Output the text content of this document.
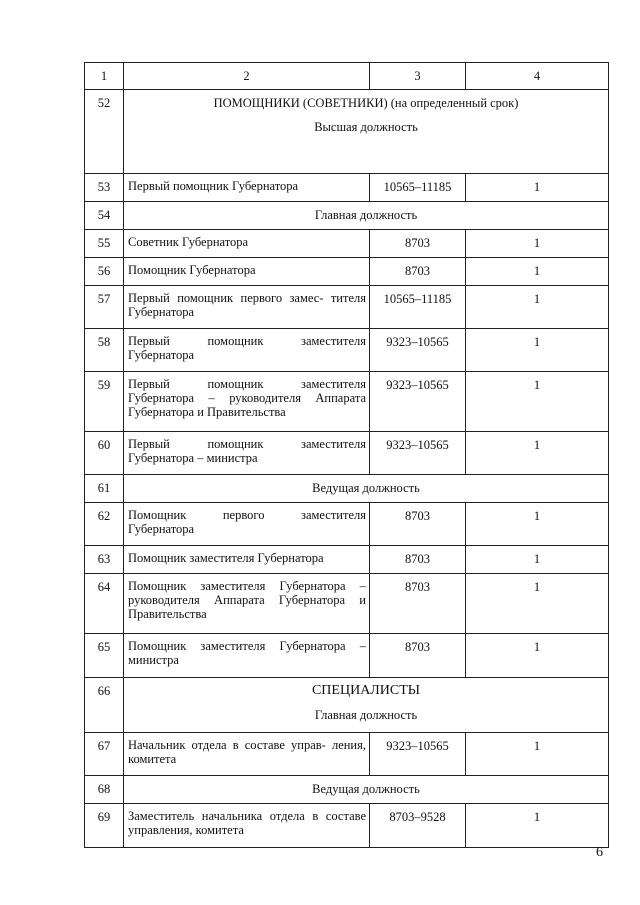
1	2	3	4
52	ПОМОЩНИКИ (СОВЕТНИКИ) (на определенный срок)
Высшая должность		

53	Первый помощник Губернатора	10565–11185	1
54	Главная должность		

55	Советник Губернатора	8703	1
56	Помощник Губернатора	8703	1
57	Первый помощник первого замес- тителя Губернатора	10565–11185	1
58	Первый помощник заместителя Губернатора	9323–10565	1
59	Первый помощник заместителя Губернатора – руководителя Аппарата Губернатора и Правительства	9323–10565	1
60	Первый помощник заместителя Губернатора – министра	9323–10565	1
61	Ведущая должность		

62	Помощник первого заместителя Губернатора	8703	1
63	Помощник заместителя Губернатора	8703	1
64	Помощник заместителя Губернатора – руководителя Аппарата Губернатора и Правительства	8703	1
65	Помощник заместителя Губернатора – министра	8703	1
66	СПЕЦИАЛИСТЫ
Главная должность		

67	Начальник отдела в составе управ- ления, комитета	9323–10565	1
68	Ведущая должность		

69	Заместитель начальника отдела в составе управления, комитета	8703–9528	1
6
